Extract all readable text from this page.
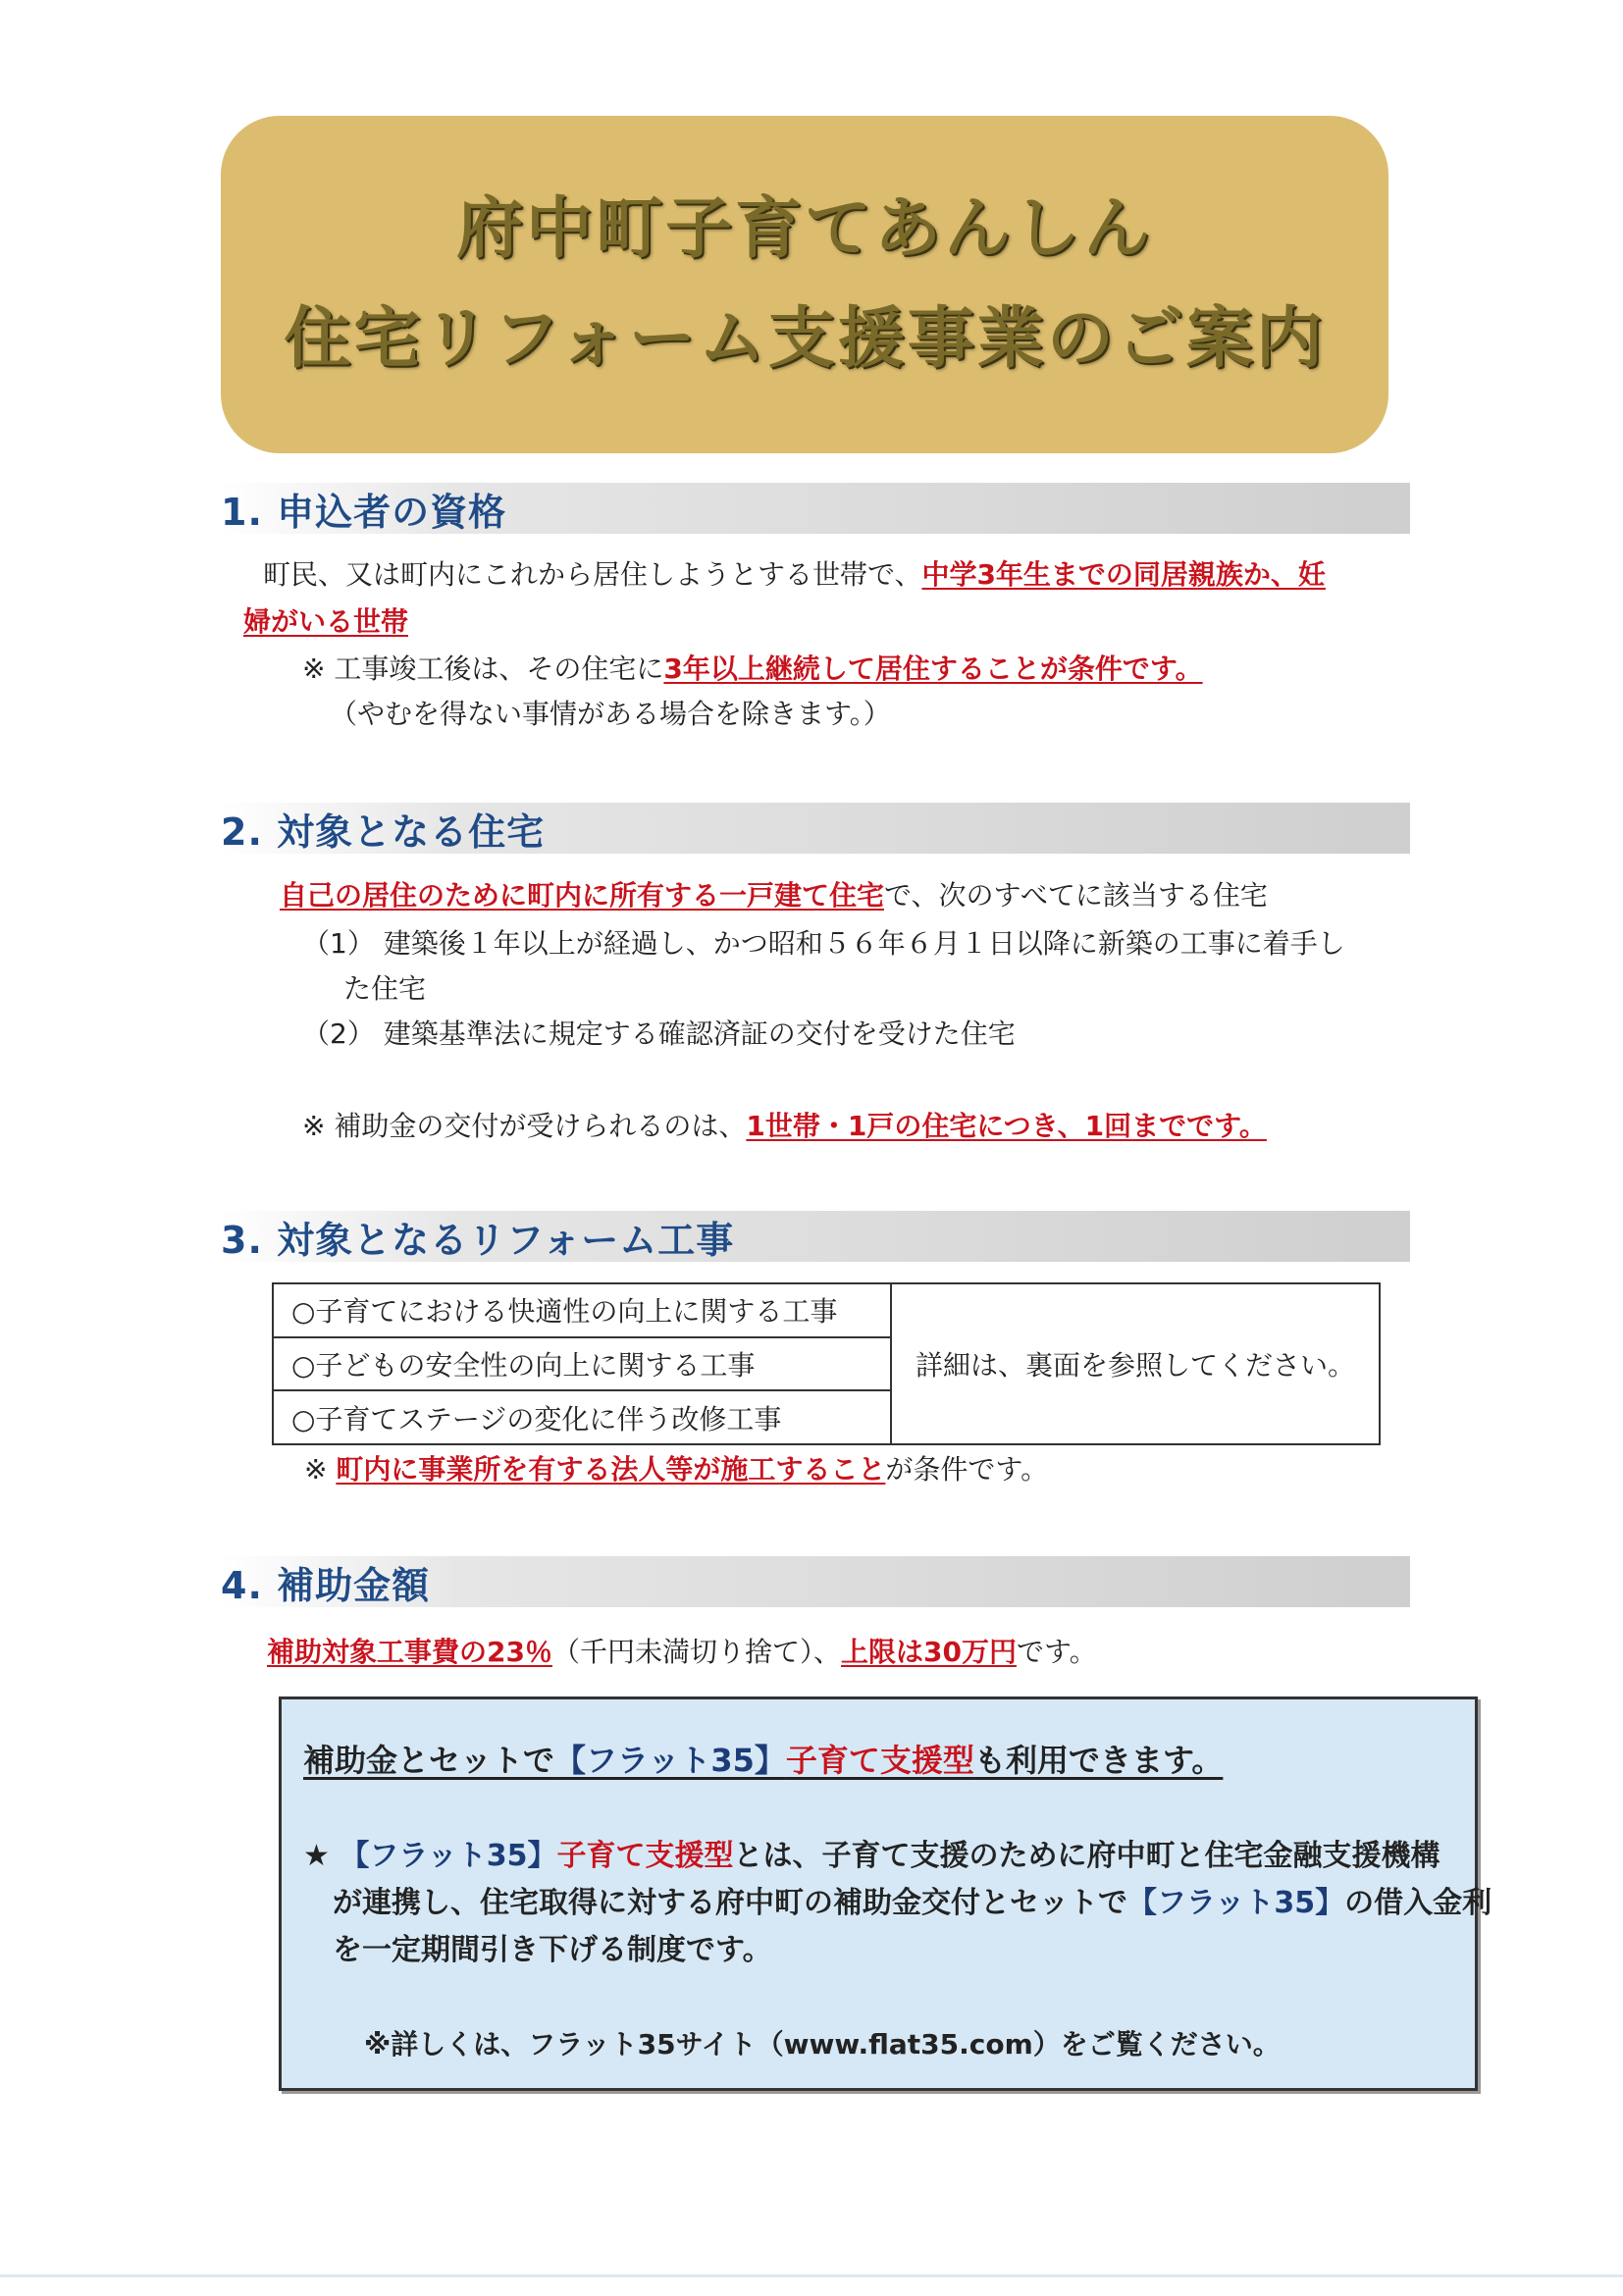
府中町子育てあんしん
住宅リフォーム支援事業のご案内
1. 申込者の資格
町民、又は町内にこれから居住しようとする世帯で、中学3年生までの同居親族か、妊
婦がいる世帯
※ 工事竣工後は、その住宅に3年以上継続して居住することが条件です。
（やむを得ない事情がある場合を除きます。）
2. 対象となる住宅
自己の居住のために町内に所有する一戸建て住宅で、次のすべてに該当する住宅
（1） 建築後１年以上が経過し、かつ昭和５６年６月１日以降に新築の工事に着手し
た住宅
（2） 建築基準法に規定する確認済証の交付を受けた住宅
※ 補助金の交付が受けられるのは、1世帯・1戸の住宅につき、1回までです。
3. 対象となるリフォーム工事
○子育てにおける快適性の向上に関する工事	詳細は、裏面を参照してください。
○子どもの安全性の向上に関する工事
○子育てステージの変化に伴う改修工事
※ 町内に事業所を有する法人等が施工することが条件です。
4. 補助金額
補助対象工事費の23％（千円未満切り捨て）、上限は30万円です。
補助金とセットで【フラット35】子育て支援型も利用できます。
★ 【フラット35】子育て支援型とは、子育て支援のために府中町と住宅金融支援機構
が連携し、住宅取得に対する府中町の補助金交付とセットで【フラット35】の借入金利
を一定期間引き下げる制度です。
※詳しくは、フラット35サイト（www.flat35.com）をご覧ください。
